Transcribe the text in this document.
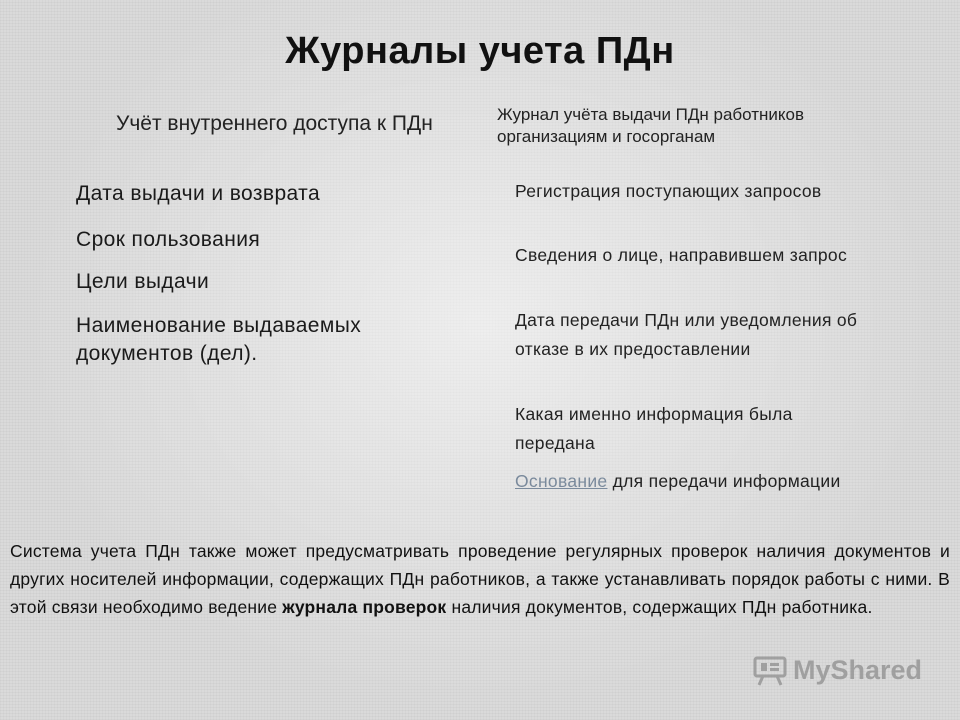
Журналы учета ПДн
Учёт внутреннего доступа к ПДн	Журнал учёта выдачи ПДн работников организациям и госорганам
Дата выдачи и возврата
Срок пользования
Цели выдачи
Наименование выдаваемых документов (дел).
Регистрация поступающих запросов
Сведения о лице, направившем запрос
Дата передачи ПДн или уведомления об отказе в их предоставлении
Какая именно информация была передана
Основание для передачи информации

Система учета ПДн также может предусматривать проведение регулярных проверок наличия документов и других носителей информации, содержащих ПДн работников, а также устанавливать порядок работы с ними. В этой связи необходимо ведение журнала проверок наличия документов, содержащих ПДн работника.

MyShared
